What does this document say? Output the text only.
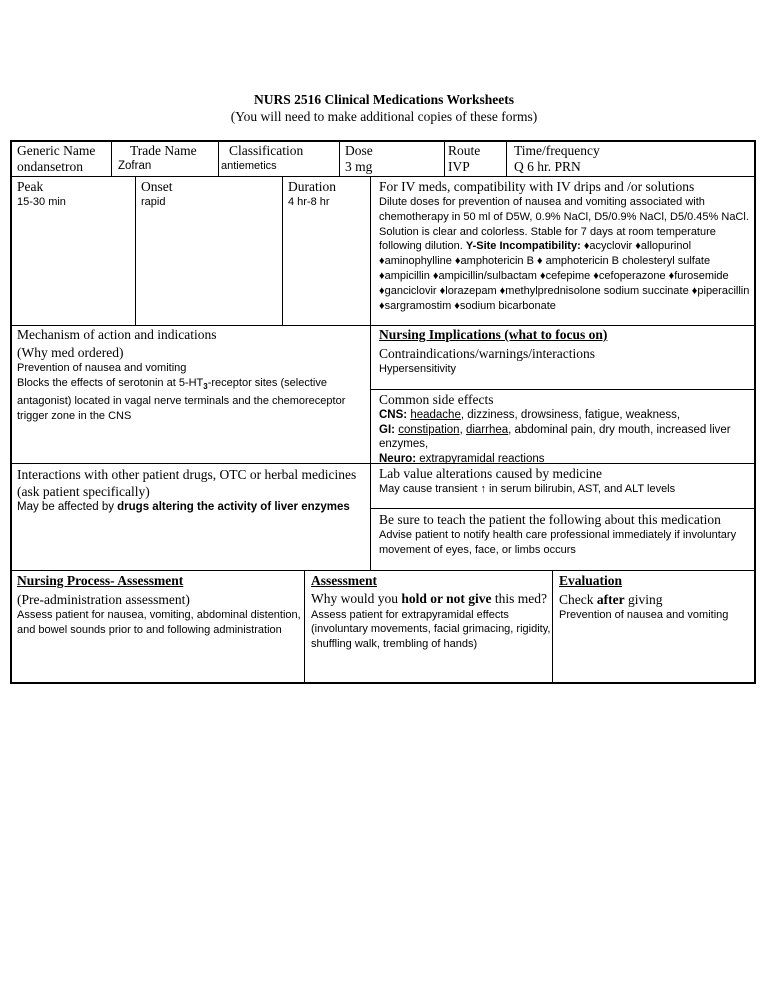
NURS 2516 Clinical Medications Worksheets
(You will need to make additional copies of these forms)
Generic Name
ondansetron
Trade Name
Zofran
Classification
antiemetics
Dose
3 mg
Route
IVP
Time/frequency
Q 6 hr. PRN
Peak
15-30 min
Onset
rapid
Duration
4 hr-8 hr
For IV meds, compatibility with IV drips and /or solutions
Dilute doses for prevention of nausea and vomiting associated with chemotherapy in 50 ml of D5W, 0.9% NaCl, D5/0.9% NaCl, D5/0.45% NaCl. Solution is clear and colorless. Stable for 7 days at room temperature following dilution. Y-Site Incompatibility: ♦acyclovir ♦allopurinol ♦aminophylline ♦amphotericin B ♦ amphotericin B cholesteryl sulfate ♦ampicillin ♦ampicillin/sulbactam ♦cefepime ♦cefoperazone ♦furosemide ♦ganciclovir ♦lorazepam ♦methylprednisolone sodium succinate ♦piperacillin ♦sargramostim ♦sodium bicarbonate
Mechanism of action and indications
(Why med ordered)
Prevention of nausea and vomiting
Blocks the effects of serotonin at $5-HT_3$-receptor sites (selective antagonist) located in vagal nerve terminals and the chemoreceptor trigger zone in the CNS
Nursing Implications (what to focus on)
Contraindications/warnings/interactions
Hypersensitivity
Common side effects
CNS: headache, dizziness, drowsiness, fatigue, weakness,
GI: constipation, diarrhea, abdominal pain, dry mouth, increased liver enzymes,
Neuro: extrapyramidal reactions
Interactions with other patient drugs, OTC or herbal medicines (ask patient specifically)
May be affected by drugs altering the activity of liver enzymes
Lab value alterations caused by medicine
May cause transient ↑ in serum bilirubin, AST, and ALT levels
Be sure to teach the patient the following about this medication
Advise patient to notify health care professional immediately if involuntary movement of eyes, face, or limbs occurs
Nursing Process- Assessment
(Pre-administration assessment)
Assess patient for nausea, vomiting, abdominal distention, and bowel sounds prior to and following administration
Assessment
Why would you hold or not give this med? Assess patient for extrapyramidal effects (involuntary movements, facial grimacing, rigidity, shuffling walk, trembling of hands)
Evaluation
Check after giving
Prevention of nausea and vomiting
